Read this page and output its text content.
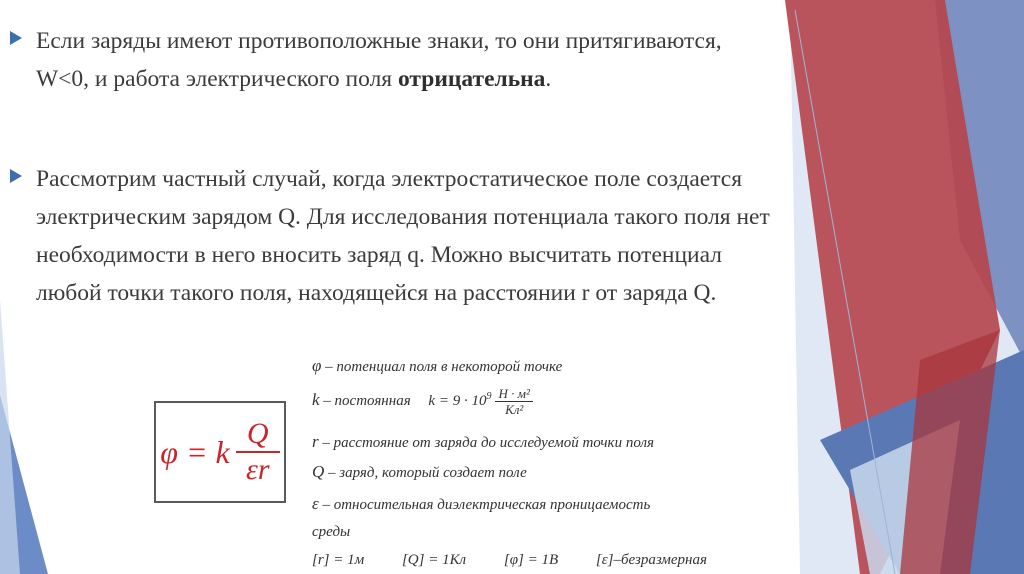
Если заряды имеют противоположные знаки, то они притягиваются, W<0, и работа электрического поля отрицательна.
Рассмотрим частный случай, когда электростатическое поле создается электрическим зарядом Q. Для исследования потенциала такого поля нет необходимости в него вносить заряд q. Можно высчитать потенциал любой точки такого поля, находящейся на расстоянии r от заряда Q.
φ = k $\frac{Q}{\varepsilon r}$
φ – потенциал поля в некоторой точке
k – постоянная $k = 9 \cdot 10^9 \frac{\text{Н · м²}}{\text{Кл²}}$
r – расстояние от заряда до исследуемой точки поля
Q – заряд, который создает поле
ε – относительная диэлектрическая проницаемость
среды
[r] = 1м	[Q] = 1Кл	[φ] = 1В	[ε]–безразмерная
